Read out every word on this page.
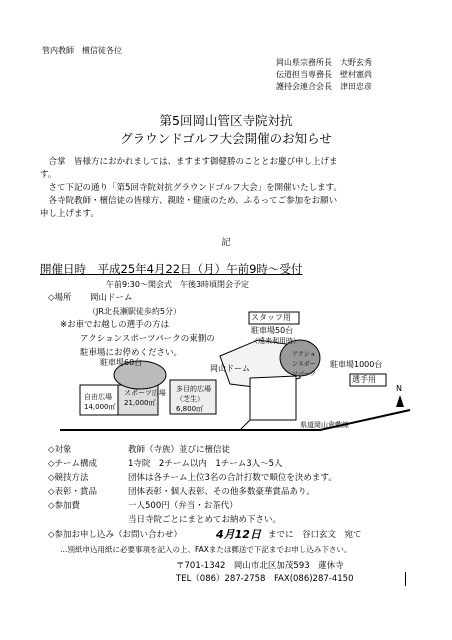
管内教師　檀信徒各位
岡山県宗務所長　大野玄秀
伝道担当専務長　壁村憲尚
護持会連合会長　津田忠彦
第5回岡山管区寺院対抗
グラウンドゴルフ大会開催のお知らせ
　合掌　皆様方におかれましては、ますます御健勝のこととお慶び申し上げま
す。
　さて下記の通り「第5回寺院対抗グラウンドゴルフ大会」を開催いたします。
　各寺院教師・檀信徒の皆様方、親睦・健康のため、ふるってご参加をお願い
申し上げます。
記
開催日時　平成25年4月22日（月）午前9時～受付
午前9:30～開会式　午後3時頃閉会予定
◇場所 岡山ドーム
（JR北長瀬駅徒歩約5分）
※お車でお越しの選手の方は
アクションスポーツパークの東側の
駐車場にお停めください。
スタッフ用
選手用
駐車場50台
（遠来利用時）
駐車場1000台
駐車場60台
岡山ドーム
アクションスポーツパーク
スポーツ広場
21,000㎡
多目的広場
（芝生）
6,800㎡
自由広場
14,000㎡
県道岡山倉敷線
N
◇対象	教師（寺族）並びに檀信徒
◇チーム構成	1寺院　2チーム以内　1チーム3人～5人
◇競技方法	団体は各チーム上位3名の合計打数で順位を決めます。
◇表彰・賞品	団体表彰・個人表彰、その他多数豪華賞品あり。
◇参加費	一人500円（弁当・お茶代）
当日寺院ごとにまとめてお納め下さい。
◇参加お申し込み（お問い合わせ）	4月12日 までに　谷口玄文　宛て
…別紙申込用紙に必要事項を記入の上、FAXまたは郵送で下記までお申し込み下さい。
〒701-1342　岡山市北区加茂593　蓮休寺
TEL（086）287-2758　FAX(086)287-4150
